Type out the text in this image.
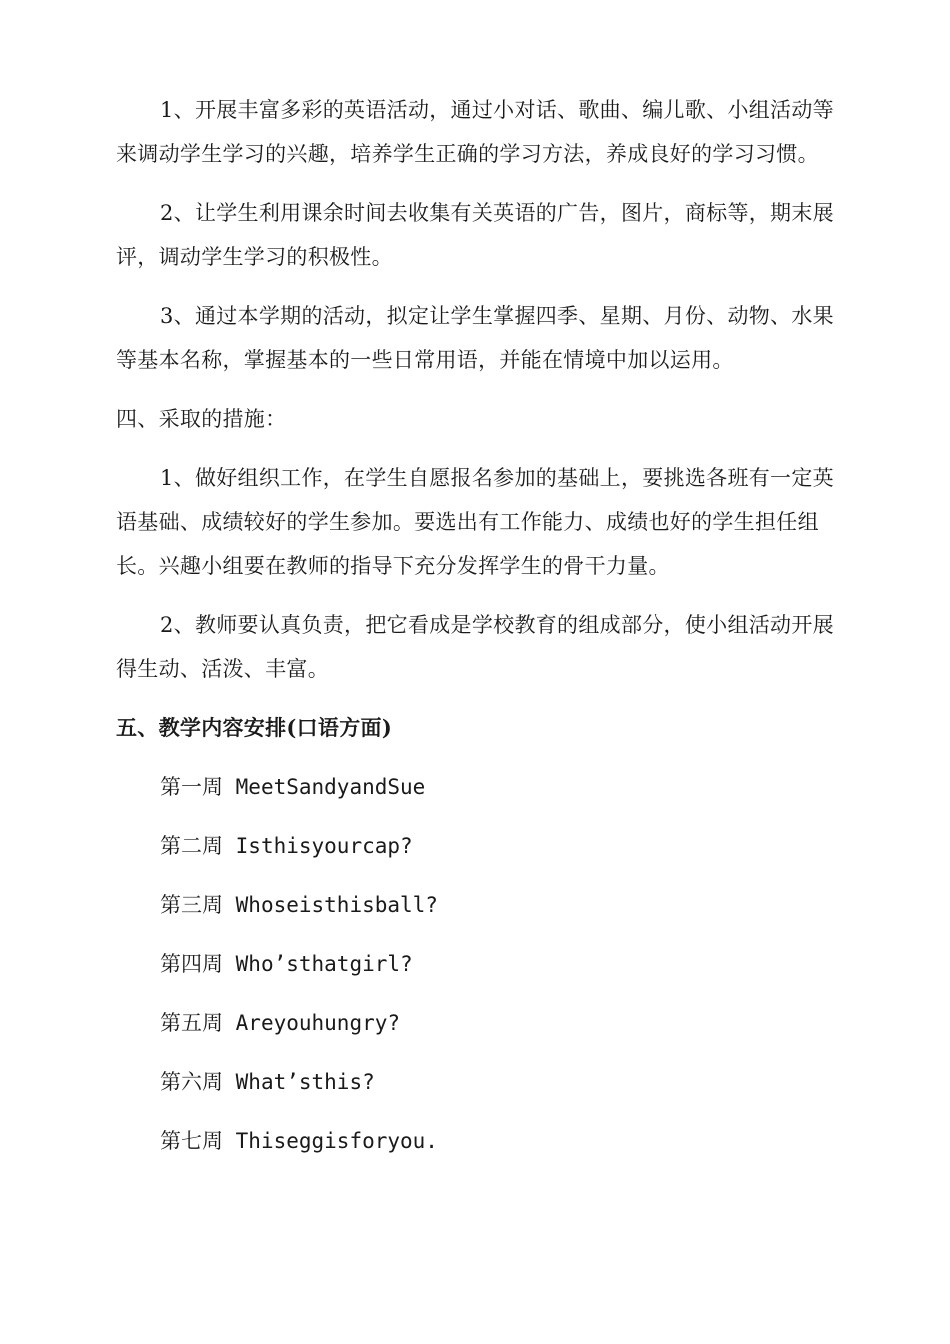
1、开展丰富多彩的英语活动，通过小对话、歌曲、编儿歌、小组活动等来调动学生学习的兴趣，培养学生正确的学习方法，养成良好的学习习惯。

2、让学生利用课余时间去收集有关英语的广告，图片，商标等，期末展评，调动学生学习的积极性。

3、通过本学期的活动，拟定让学生掌握四季、星期、月份、动物、水果等基本名称，掌握基本的一些日常用语，并能在情境中加以运用。

四、采取的措施：

1、做好组织工作，在学生自愿报名参加的基础上，要挑选各班有一定英语基础、成绩较好的学生参加。要选出有工作能力、成绩也好的学生担任组长。兴趣小组要在教师的指导下充分发挥学生的骨干力量。

2、教师要认真负责，把它看成是学校教育的组成部分，使小组活动开展得生动、活泼、丰富。

五、教学内容安排(口语方面)

第一周 MeetSandyandSue

第二周 Isthisyourcap?

第三周 Whoseisthisball?

第四周 Who’sthatgirl?

第五周 Areyouhungry?

第六周 What’sthis?

第七周 Thiseggisforyou.
